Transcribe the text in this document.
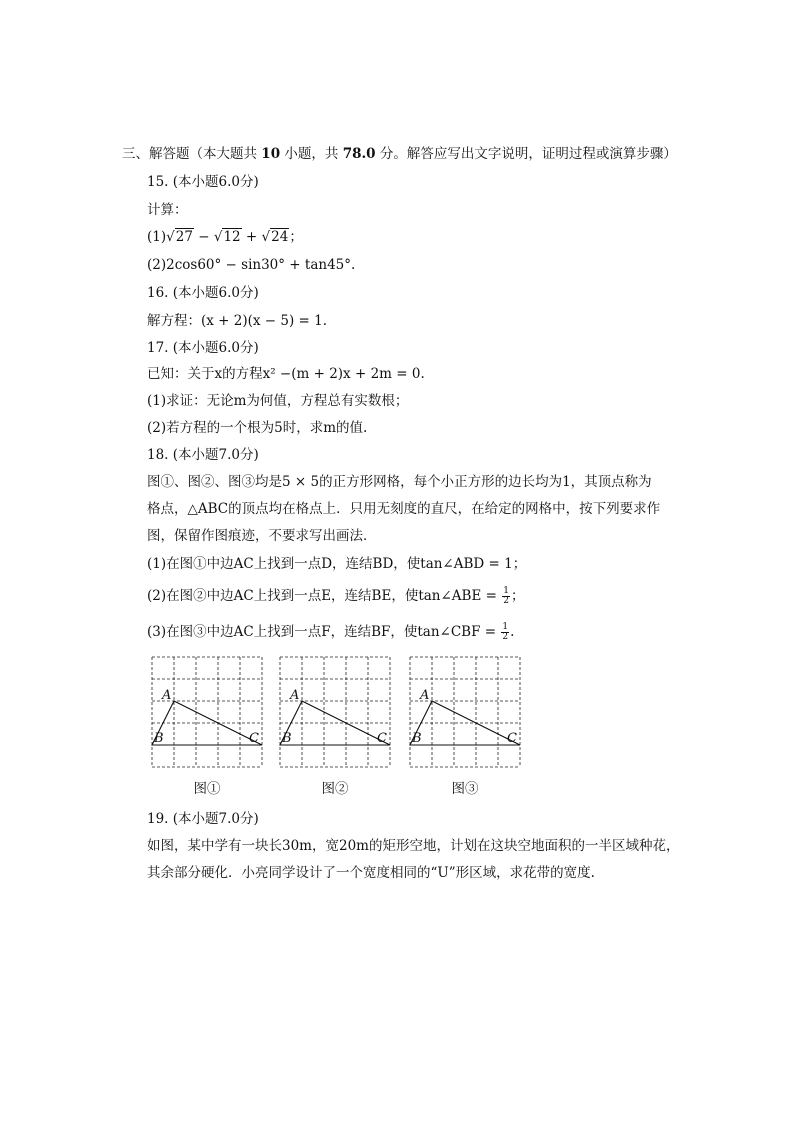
三、解答题（本大题共 10 小题，共 78.0 分。解答应写出文字说明，证明过程或演算步骤）
15. (本小题6.0分)
计算：
(1)√27 − √12 + √24；
(2)2cos60° − sin30° + tan45°.
16. (本小题6.0分)
解方程：(x + 2)(x − 5) = 1.
17. (本小题6.0分)
已知：关于x的方程x² −(m + 2)x + 2m = 0.
(1)求证：无论m为何值，方程总有实数根；
(2)若方程的一个根为5时，求m的值.
18. (本小题7.0分)
图①、图②、图③均是5 × 5的正方形网格，每个小正方形的边长均为1，其顶点称为
格点，△ABC的顶点均在格点上．只用无刻度的直尺，在给定的网格中，按下列要求作
图，保留作图痕迹，不要求写出画法．
(1)在图①中边AC上找到一点D，连结BD，使tan∠ABD = 1；
(2)在图②中边AC上找到一点E，连结BE，使tan∠ABE = $\frac{1}{2}$ ；
(3)在图③中边AC上找到一点F，连结BF，使tan∠CBF = $\frac{1}{2}$ .
A
B	C
A
B	C
A
B	C
图①	图②	图③
19. (本小题7.0分)
如图，某中学有一块长30m，宽20m的矩形空地，计划在这块空地面积的一半区域种花，
其余部分硬化．小亮同学设计了一个宽度相同的“U”形区域，求花带的宽度.
